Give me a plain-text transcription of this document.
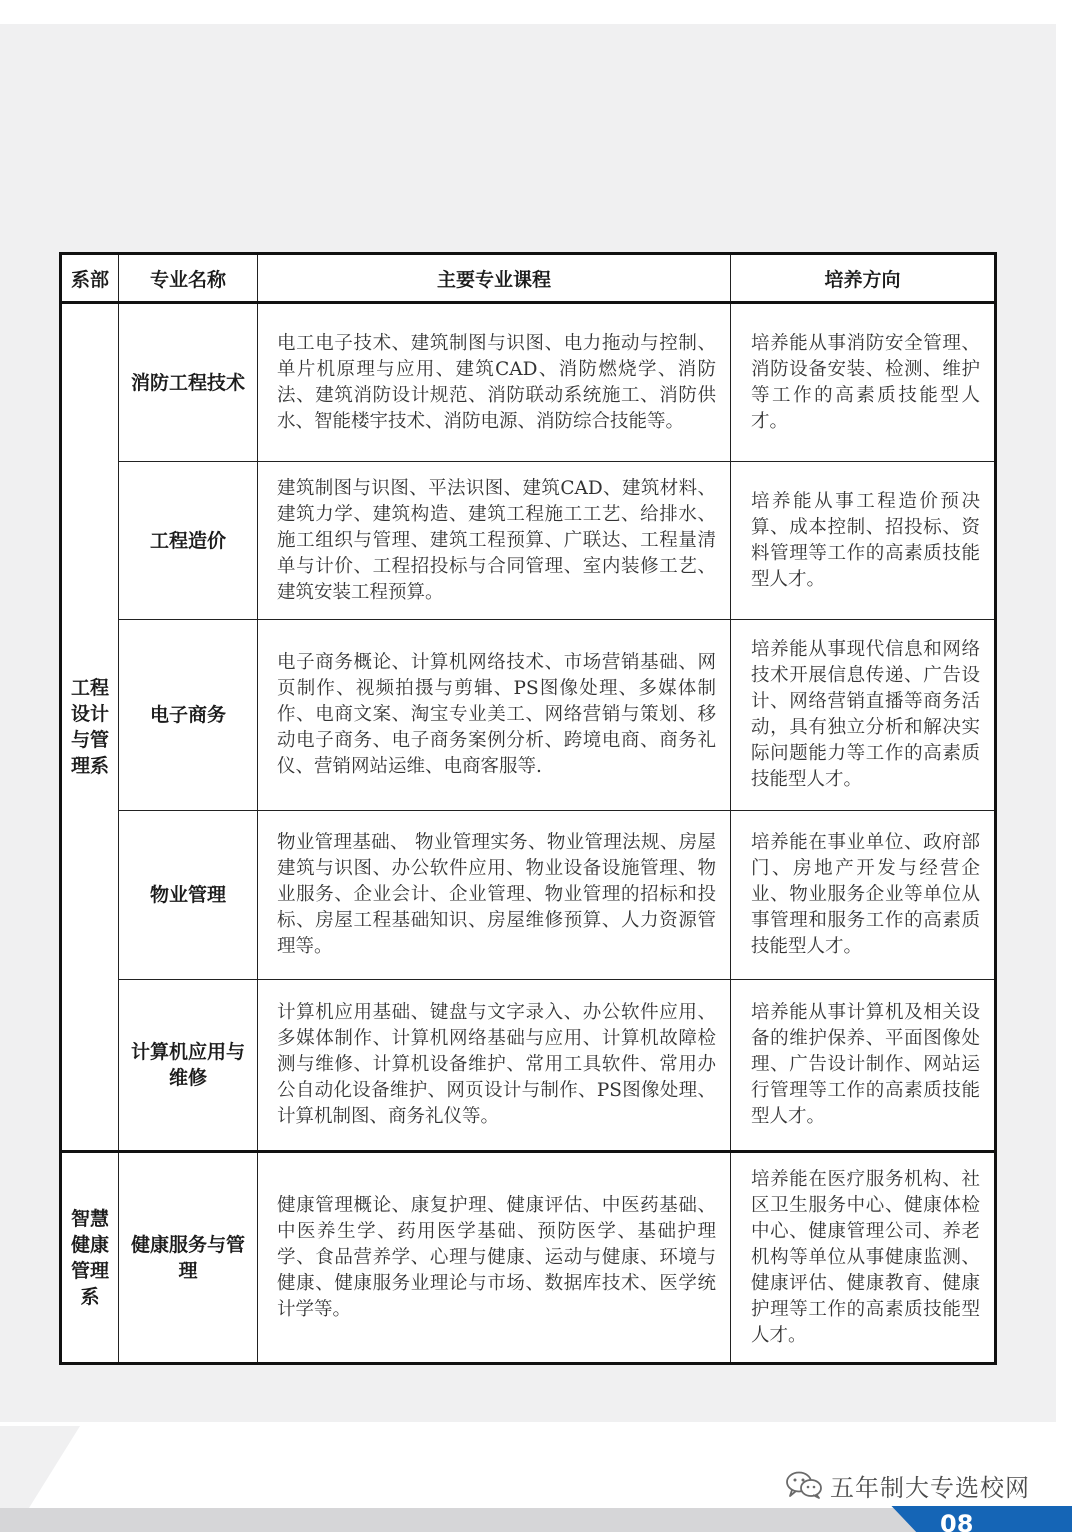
系部	专业名称	主要专业课程	培养方向
工程设计与管理系	消防工程技术	电工电子技术、建筑制图与识图、电力拖动与控制、单片机原理与应用、建筑CAD、消防燃烧学、消防法、建筑消防设计规范、消防联动系统施工、消防供水、智能楼宇技术、消防电源、消防综合技能等。	培养能从事消防安全管理、消防设备安装、检测、维护等工作的高素质技能型人才。

	工程造价	建筑制图与识图、平法识图、建筑CAD、建筑材料、建筑力学、建筑构造、建筑工程施工工艺、给排水、施工组织与管理、建筑工程预算、广联达、工程量清单与计价、工程招投标与合同管理、室内装修工艺、建筑安装工程预算。	培养能从事工程造价预决算、成本控制、招投标、资料管理等工作的高素质技能型人才。

	电子商务	电子商务概论、计算机网络技术、市场营销基础、网页制作、视频拍摄与剪辑、PS图像处理、多媒体制作、电商文案、淘宝专业美工、网络营销与策划、移动电子商务、电子商务案例分析、跨境电商、商务礼仪、营销网站运维、电商客服等.	培养能从事现代信息和网络技术开展信息传递、广告设计、网络营销直播等商务活动，具有独立分析和解决实际问题能力等工作的高素质技能型人才。

	物业管理	物业管理基础、 物业管理实务、物业管理法规、房屋建筑与识图、办公软件应用、物业设备设施管理、物业服务、企业会计、企业管理、物业管理的招标和投标、房屋工程基础知识、房屋维修预算、人力资源管理等。	培养能在事业单位、政府部门、房地产开发与经营企业、物业服务企业等单位从事管理和服务工作的高素质技能型人才。

	计算机应用与维修	计算机应用基础、键盘与文字录入、办公软件应用、多媒体制作、计算机网络基础与应用、计算机故障检测与维修、计算机设备维护、常用工具软件、常用办公自动化设备维护、网页设计与制作、PS图像处理、计算机制图、商务礼仪等。	培养能从事计算机及相关设备的维护保养、平面图像处理、广告设计制作、网站运行管理等工作的高素质技能型人才。

智慧健康管理系	健康服务与管理	健康管理概论、康复护理、健康评估、中医药基础、中医养生学、药用医学基础、预防医学、基础护理学、食品营养学、心理与健康、运动与健康、环境与健康、健康服务业理论与市场、数据库技术、医学统计学等。	培养能在医疗服务机构、社区卫生服务中心、健康体检中心、健康管理公司、养老机构等单位从事健康监测、健康评估、健康教育、健康护理等工作的高素质技能型人才。
08
五年制大专选校网
